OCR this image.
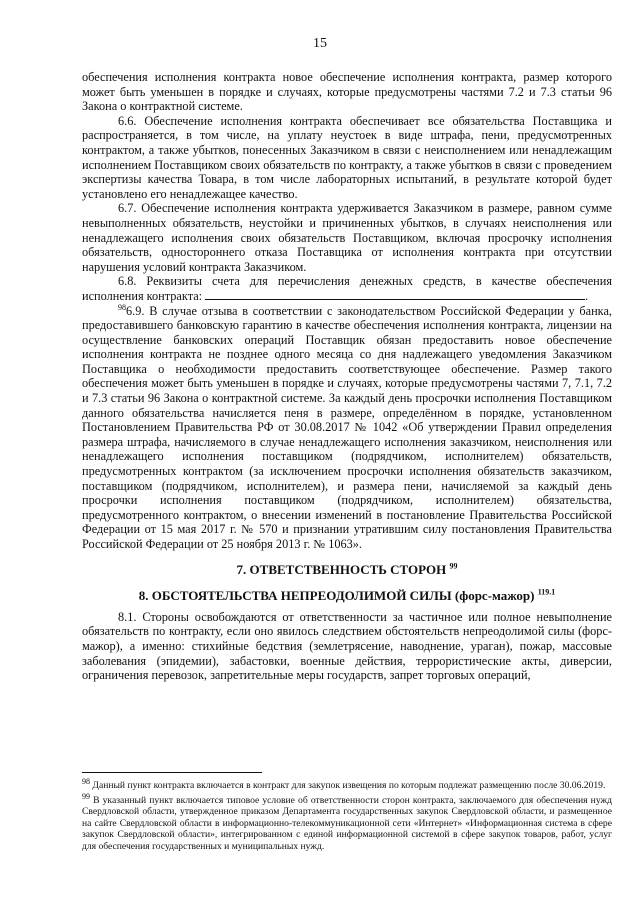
15

обеспечения исполнения контракта новое обеспечение исполнения контракта, размер которого может быть уменьшен в порядке и случаях, которые предусмотрены частями 7.2 и 7.3 статьи 96 Закона о контрактной системе.

6.6. Обеспечение исполнения контракта обеспечивает все обязательства Поставщика и распространяется, в том числе, на уплату неустоек в виде штрафа, пени, предусмотренных контрактом, а также убытков, понесенных Заказчиком в связи с неисполнением или ненадлежащим исполнением Поставщиком своих обязательств по контракту, а также убытков в связи с проведением экспертизы качества Товара, в том числе лабораторных испытаний, в результате которой будет установлено его ненадлежащее качество.

6.7. Обеспечение исполнения контракта удерживается Заказчиком в размере, равном сумме невыполненных обязательств, неустойки и причиненных убытков, в случаях неисполнения или ненадлежащего исполнения своих обязательств Поставщиком, включая просрочку исполнения обязательств, одностороннего отказа Поставщика от исполнения контракта при отсутствии нарушения условий контракта Заказчиком.

6.8. Реквизиты счета для перечисления денежных средств, в качестве обеспечения исполнения контракта:	.

$^{98}$6.9. В случае отзыва в соответствии с законодательством Российской Федерации у банка, предоставившего банковскую гарантию в качестве обеспечения исполнения контракта, лицензии на осуществление банковских операций Поставщик обязан предоставить новое обеспечение исполнения контракта не позднее одного месяца со дня надлежащего уведомления Заказчиком Поставщика о необходимости предоставить соответствующее обеспечение. Размер такого обеспечения может быть уменьшен в порядке и случаях, которые предусмотрены частями 7, 7.1, 7.2 и 7.3 статьи 96 Закона о контрактной системе. За каждый день просрочки исполнения Поставщиком данного обязательства начисляется пеня в размере, определённом в порядке, установленном Постановлением Правительства РФ от 30.08.2017 № 1042 «Об утверждении Правил определения размера штрафа, начисляемого в случае ненадлежащего исполнения заказчиком, неисполнения или ненадлежащего исполнения поставщиком (подрядчиком, исполнителем) обязательств, предусмотренных контрактом (за исключением просрочки исполнения обязательств заказчиком, поставщиком (подрядчиком, исполнителем), и размера пени, начисляемой за каждый день просрочки исполнения поставщиком (подрядчиком, исполнителем) обязательства, предусмотренного контрактом, о внесении изменений в постановление Правительства Российской Федерации от 15 мая 2017 г. № 570 и признании утратившим силу постановления Правительства Российской Федерации от 25 ноября 2013 г. № 1063».

7. ОТВЕТСТВЕННОСТЬ СТОРОН $^{99}$

8. ОБСТОЯТЕЛЬСТВА НЕПРЕОДОЛИМОЙ СИЛЫ (форс-мажор) $^{119.1}$

8.1. Стороны освобождаются от ответственности за частичное или полное невыполнение обязательств по контракту, если оно явилось следствием обстоятельств непреодолимой силы (форс-мажор), а именно: стихийные бедствия (землетрясение, наводнение, ураган), пожар, массовые заболевания (эпидемии), забастовки, военные действия, террористические акты, диверсии, ограничения перевозок, запретительные меры государств, запрет торговых операций,

$^{98}$ Данный пункт контракта включается в контракт для закупок извещения по которым подлежат размещению после 30.06.2019.

$^{99}$ В указанный пункт включается типовое условие об ответственности сторон контракта, заключаемого для обеспечения нужд Свердловской области, утвержденное приказом Департамента государственных закупок Свердловской области, и размещенное на сайте Свердловской области в информационно-телекоммуникационной сети «Интернет» «Информационная система в сфере закупок Свердловской области», интегрированном с единой информационной системой в сфере закупок товаров, работ, услуг для обеспечения государственных и муниципальных нужд.
